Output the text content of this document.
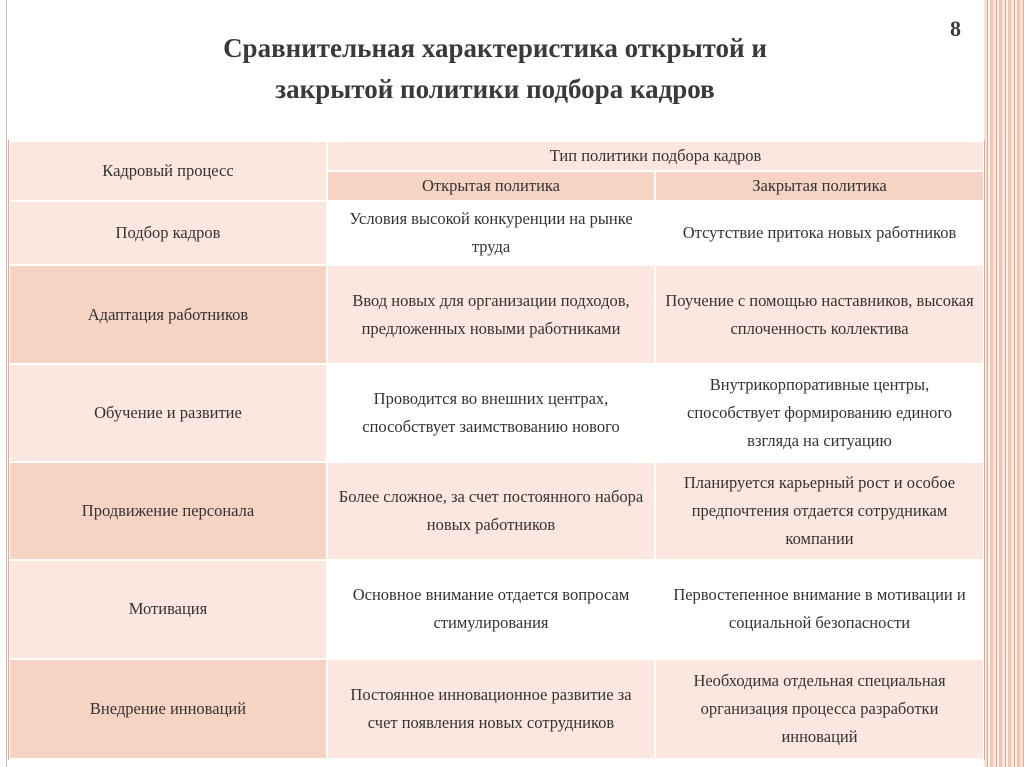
Сравнительная характеристика открытой и
закрытой политики подбора кадров
8
Кадровый процесс	Тип политики подбора кадров	
	Открытая политика	Закрытая политика
Подбор кадров	Условия высокой конкуренции на рынке труда	Отсутствие притока новых работников
Адаптация работников	Ввод новых для организации подходов, предложенных новыми работниками	Поучение с помощью наставников, высокая сплоченность коллектива
Обучение и развитие	Проводится во внешних центрах, способствует заимствованию нового	Внутрикорпоративные центры, способствует формированию единого взгляда на ситуацию
Продвижение персонала	Более сложное, за счет постоянного набора новых работников	Планируется карьерный рост и особое предпочтения отдается сотрудникам компании
Мотивация	Основное внимание отдается вопросам стимулирования	Первостепенное внимание в мотивации и социальной безопасности
Внедрение инноваций	Постоянное инновационное развитие за счет появления новых сотрудников	Необходима отдельная специальная организация процесса разработки инноваций
